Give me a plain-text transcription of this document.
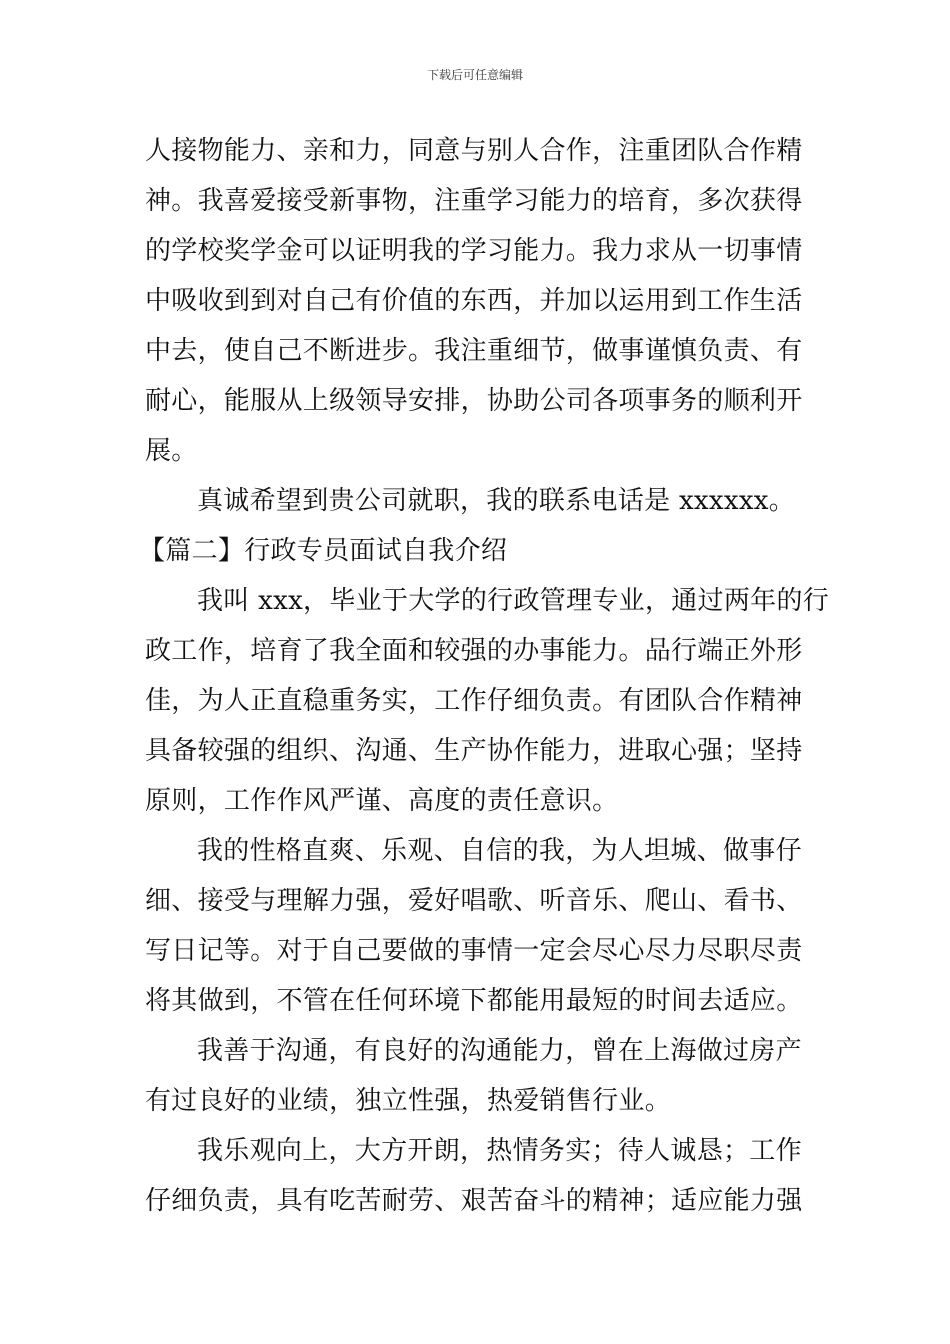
下载后可任意编辑
人接物能力、亲和力，同意与别人合作，注重团队合作精
神。我喜爱接受新事物，注重学习能力的培育，多次获得
的学校奖学金可以证明我的学习能力。我力求从一切事情
中吸收到到对自己有价值的东西，并加以运用到工作生活
中去，使自己不断进步。我注重细节，做事谨慎负责、有
耐心，能服从上级领导安排，协助公司各项事务的顺利开
展。
真诚希望到贵公司就职，我的联系电话是 xxxxxx。
【篇二】行政专员面试自我介绍
我叫 xxx，毕业于大学的行政管理专业，通过两年的行
政工作，培育了我全面和较强的办事能力。品行端正外形
佳，为人正直稳重务实，工作仔细负责。有团队合作精神
具备较强的组织、沟通、生产协作能力，进取心强；坚持
原则，工作作风严谨、高度的责任意识。
我的性格直爽、乐观、自信的我，为人坦城、做事仔
细、接受与理解力强，爱好唱歌、听音乐、爬山、看书、
写日记等。对于自己要做的事情一定会尽心尽力尽职尽责
将其做到，不管在任何环境下都能用最短的时间去适应。
我善于沟通，有良好的沟通能力，曾在上海做过房产
有过良好的业绩，独立性强，热爱销售行业。
我乐观向上，大方开朗，热情务实；待人诚恳；工作
仔细负责，具有吃苦耐劳、艰苦奋斗的精神；适应能力强
